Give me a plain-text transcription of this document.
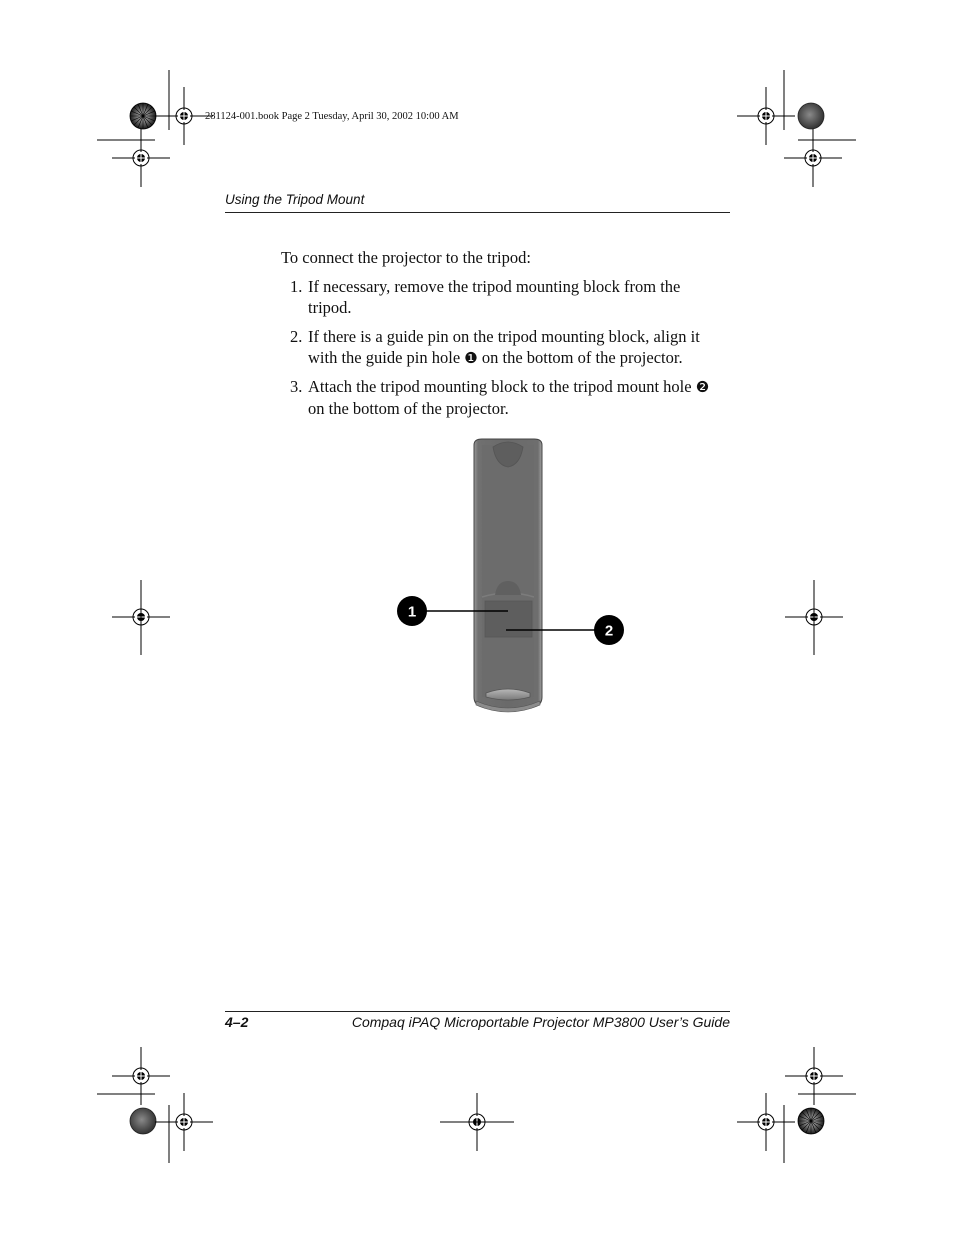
281124-001.book Page 2 Tuesday, April 30, 2002 10:00 AM
Using the Tripod Mount
To connect the projector to the tripod:
1. If necessary, remove the tripod mounting block from the
tripod.
2. If there is a guide pin on the tripod mounting block, align it
with the guide pin hole ❶ on the bottom of the projector.
3. Attach the tripod mounting block to the tripod mount hole ❷
on the bottom of the projector.
1
2
4–2	Compaq iPAQ Microportable Projector MP3800 User’s Guide
